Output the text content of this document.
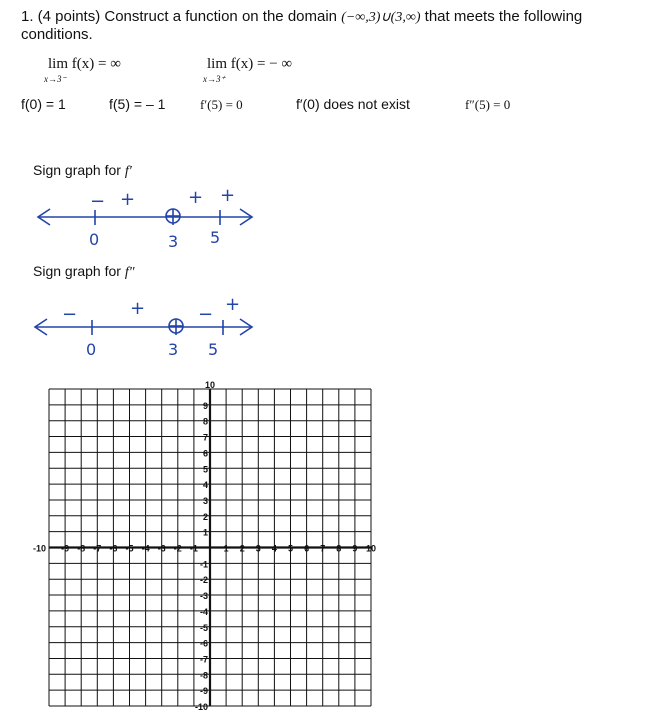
1. (4 points) Construct a function on the domain (−∞,3)∪(3,∞) that meets the following
conditions.
lim f(x) = ∞
x→3⁻
lim f(x) = − ∞
x→3⁺
f(0) = 1	f(5) = – 1	f′(5) = 0	f′(0) does not exist	f″(5) = 0
Sign graph for f′
− +	+ +
0	3 5
Sign graph for f″
−	+	− +
0	3 5
-10 -9 -8 -7 -6 -5 -4 -3 -2 -1	1 2 3 4 5 6 7 8 9 10
10
9
8
7
6
5
4
3
2
1
-1
-2
-3
-4
-5
-6
-7
-8
-9
-10
